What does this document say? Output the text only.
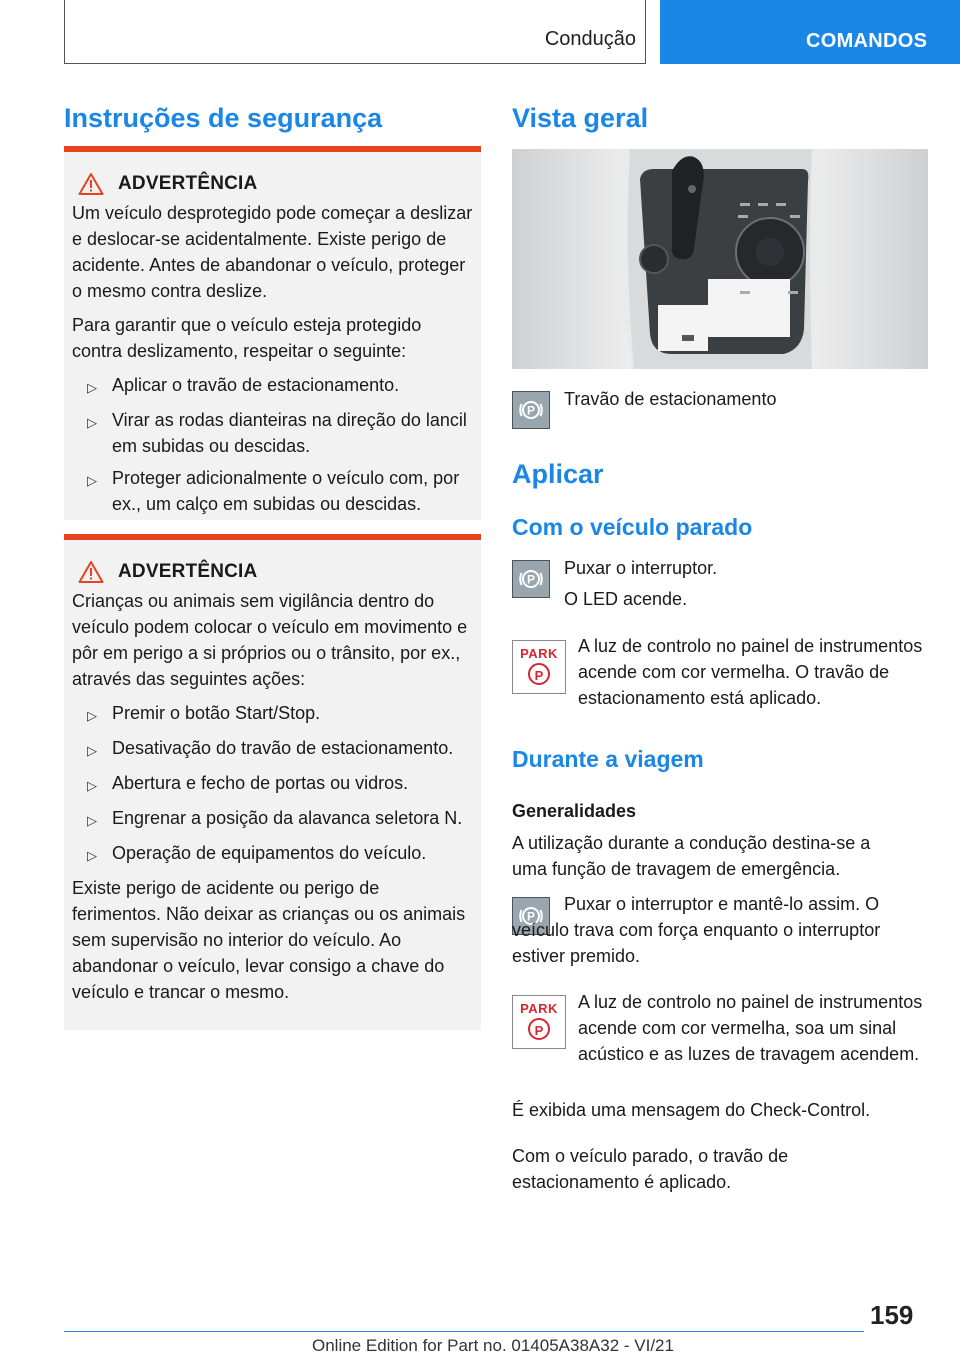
Condução	COMANDOS
Instruções de segurança
ADVERTÊNCIA

Um veículo desprotegido pode começar a deslizar e deslocar-se acidentalmente. Existe perigo de acidente. Antes de abandonar o veículo, proteger o mesmo contra deslize.

Para garantir que o veículo esteja protegido contra deslizamento, respeitar o seguinte:

▷ Aplicar o travão de estacionamento.
▷ Virar as rodas dianteiras na direção do lancil em subidas ou descidas.
▷ Proteger adicionalmente o veículo com, por ex., um calço em subidas ou descidas.
ADVERTÊNCIA

Crianças ou animais sem vigilância dentro do veículo podem colocar o veículo em movimento e pôr em perigo a si próprios ou o trânsito, por ex., através das seguintes ações:

▷ Premir o botão Start/Stop.
▷ Desativação do travão de estacionamento.
▷ Abertura e fecho de portas ou vidros.
▷ Engrenar a posição da alavanca seletora N.
▷ Operação de equipamentos do veículo.

Existe perigo de acidente ou perigo de ferimentos. Não deixar as crianças ou os animais sem supervisão no interior do veículo. Ao abandonar o veículo, levar consigo a chave do veículo e trancar o mesmo.

Vista geral
P
Travão de estacionamento
Aplicar
Com o veículo parado
P
Puxar o interruptor.
O LED acende.
PARK
P
A luz de controlo no painel de instrumentos acende com cor vermelha. O travão de estacionamento está aplicado.
Durante a viagem
Generalidades
A utilização durante a condução destina-se a uma função de travagem de emergência.
P
Puxar o interruptor e mantê-lo assim. O veículo trava com força enquanto o interruptor estiver premido.
PARK
P
A luz de controlo no painel de instrumentos acende com cor vermelha, soa um sinal acústico e as luzes de travagem acendem.
É exibida uma mensagem do Check-Control.
Com o veículo parado, o travão de estacionamento é aplicado.
159
Online Edition for Part no. 01405A38A32 - VI/21
